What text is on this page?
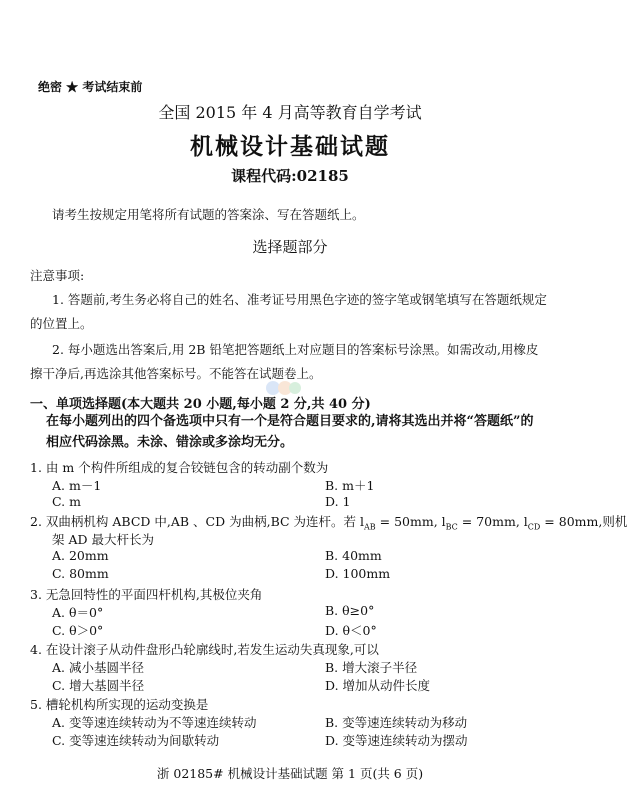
绝密 ★ 考试结束前
全国 2015 年 4 月高等教育自学考试
机械设计基础试题
课程代码:02185
请考生按规定用笔将所有试题的答案涂、写在答题纸上。
选择题部分
注意事项:
1. 答题前,考生务必将自己的姓名、准考证号用黑色字迹的签字笔或钢笔填写在答题纸规定的位置上。
2. 每小题选出答案后,用 2B 铅笔把答题纸上对应题目的答案标号涂黑。如需改动,用橡皮擦干净后,再选涂其他答案标号。不能答在试题卷上。
一、单项选择题(本大题共 20 小题,每小题 2 分,共 40 分)
在每小题列出的四个备选项中只有一个是符合题目要求的,请将其选出并将“答题纸”的相应代码涂黑。未涂、错涂或多涂均无分。
1. 由 m 个构件所组成的复合铰链包含的转动副个数为
A. m－1	B. m＋1
C. m	D. 1
2. 双曲柄机构 ABCD 中,AB 、CD 为曲柄,BC 为连杆。若 $l_{AB} = 50mm$, $l_{BC} = 70mm$, $l_{CD} = 80mm$,则机
架 AD 最大杆长为
A. 20mm	B. 40mm
C. 80mm	D. 100mm
3. 无急回特性的平面四杆机构,其极位夹角
A. θ＝0°	B. θ≥0°
C. θ＞0°	D. θ＜0°
4. 在设计滚子从动件盘形凸轮廓线时,若发生运动失真现象,可以
A. 减小基圆半径	B. 增大滚子半径
C. 增大基圆半径	D. 增加从动件长度
5. 槽轮机构所实现的运动变换是
A. 变等速连续转动为不等速连续转动	B. 变等速连续转动为移动
C. 变等速连续转动为间歇转动	D. 变等速连续转动为摆动
浙 02185# 机械设计基础试题 第 1 页(共 6 页)
